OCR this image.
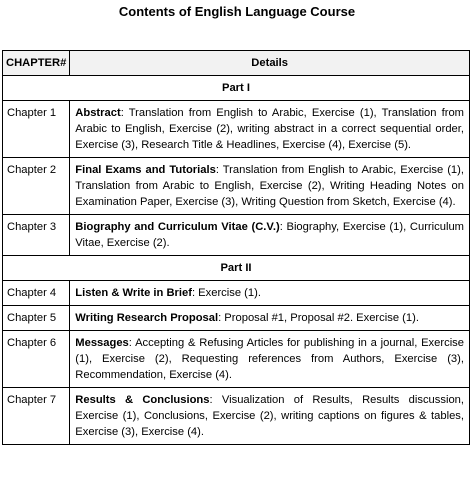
Contents of English Language Course
CHAPTER#	Details
Part I	
Chapter 1	Abstract: Translation from English to Arabic, Exercise (1), Translation from Arabic to English, Exercise (2), writing abstract in a correct sequential order, Exercise (3), Research Title & Headlines, Exercise (4), Exercise (5).
Chapter 2	Final Exams and Tutorials: Translation from English to Arabic, Exercise (1), Translation from Arabic to English, Exercise (2), Writing Heading Notes on Examination Paper, Exercise (3), Writing Question from Sketch, Exercise (4).
Chapter 3	Biography and Curriculum Vitae (C.V.): Biography, Exercise (1), Curriculum Vitae, Exercise (2).
Part II	
Chapter 4	Listen & Write in Brief: Exercise (1).
Chapter 5	Writing Research Proposal: Proposal #1, Proposal #2. Exercise (1).
Chapter 6	Messages: Accepting & Refusing Articles for publishing in a journal, Exercise (1), Exercise (2), Requesting references from Authors, Exercise (3), Recommendation, Exercise (4).
Chapter 7	Results & Conclusions: Visualization of Results, Results discussion, Exercise (1), Conclusions, Exercise (2), writing captions on figures & tables, Exercise (3), Exercise (4).
